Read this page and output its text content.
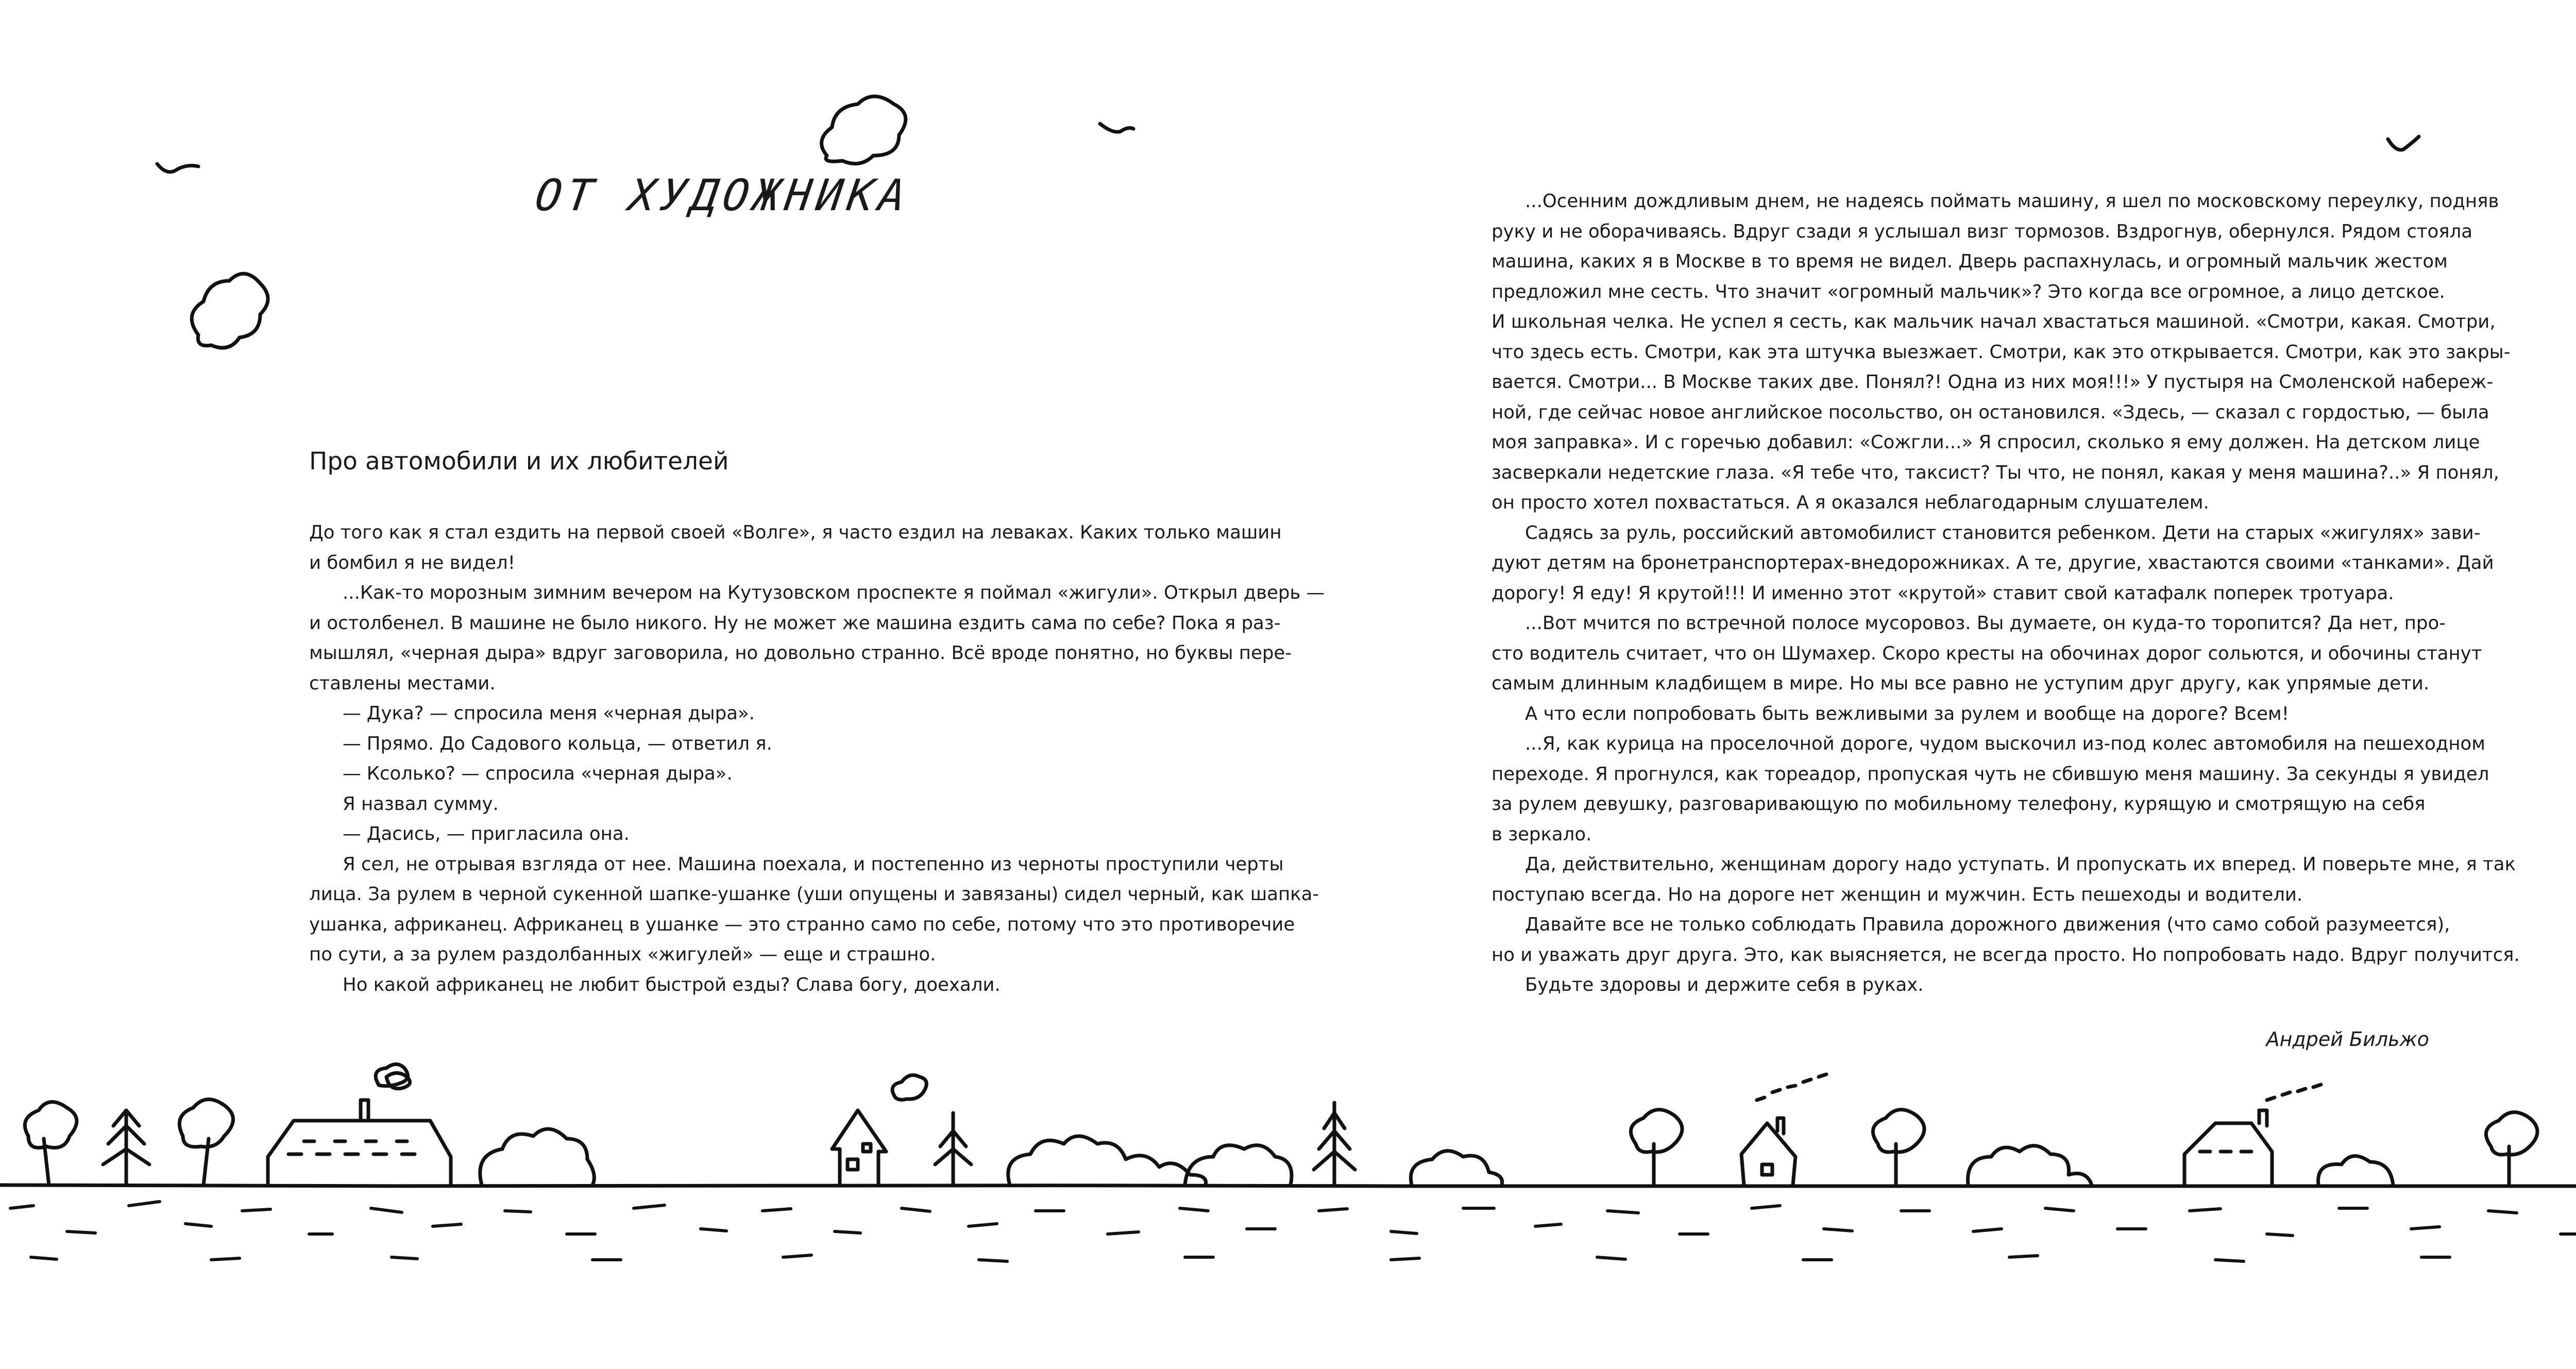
ОТ ХУДОЖНИКА
Про автомобили и их любителей

До того как я стал ездить на первой своей «Волге», я часто ездил на леваках. Каких только машин

и бомбил я не видел!

...Как-то морозным зимним вечером на Кутузовском проспекте я поймал «жигули». Открыл дверь —

и остолбенел. В машине не было никого. Ну не может же машина ездить сама по себе? Пока я раз-

мышлял, «черная дыра» вдруг заговорила, но довольно странно. Всё вроде понятно, но буквы пере-

ставлены местами.

— Дука? — спросила меня «черная дыра».

— Прямо. До Садового кольца, — ответил я.

— Ксолько? — спросила «черная дыра».

Я назвал сумму.

— Дасись, — пригласила она.

Я сел, не отрывая взгляда от нее. Машина поехала, и постепенно из черноты проступили черты

лица. За рулем в черной сукенной шапке-ушанке (уши опущены и завязаны) сидел черный, как шапка-

ушанка, африканец. Африканец в ушанке — это странно само по себе, потому что это противоречие

по сути, а за рулем раздолбанных «жигулей» — еще и страшно.

Но какой африканец не любит быстрой езды? Слава богу, доехали.

...Осенним дождливым днем, не надеясь поймать машину, я шел по московскому переулку, подняв

руку и не оборачиваясь. Вдруг сзади я услышал визг тормозов. Вздрогнув, обернулся. Рядом стояла

машина, каких я в Москве в то время не видел. Дверь распахнулась, и огромный мальчик жестом

предложил мне сесть. Что значит «огромный мальчик»? Это когда все огромное, а лицо детское.

И школьная челка. Не успел я сесть, как мальчик начал хвастаться машиной. «Смотри, какая. Смотри,

что здесь есть. Смотри, как эта штучка выезжает. Смотри, как это открывается. Смотри, как это закры-

вается. Смотри... В Москве таких две. Понял?! Одна из них моя!!!» У пустыря на Смоленской набереж-

ной, где сейчас новое английское посольство, он остановился. «Здесь, — сказал с гордостью, — была

моя заправка». И с горечью добавил: «Сожгли...» Я спросил, сколько я ему должен. На детском лице

засверкали недетские глаза. «Я тебе что, таксист? Ты что, не понял, какая у меня машина?..» Я понял,

он просто хотел похвастаться. А я оказался неблагодарным слушателем.

Садясь за руль, российский автомобилист становится ребенком. Дети на старых «жигулях» зави-

дуют детям на бронетранспортерах-внедорожниках. А те, другие, хвастаются своими «танками». Дай

дорогу! Я еду! Я крутой!!! И именно этот «крутой» ставит свой катафалк поперек тротуара.

...Вот мчится по встречной полосе мусоровоз. Вы думаете, он куда-то торопится? Да нет, про-

сто водитель считает, что он Шумахер. Скоро кресты на обочинах дорог сольются, и обочины станут

самым длинным кладбищем в мире. Но мы все равно не уступим друг другу, как упрямые дети.

А что если попробовать быть вежливыми за рулем и вообще на дороге? Всем!

...Я, как курица на проселочной дороге, чудом выскочил из-под колес автомобиля на пешеходном

переходе. Я прогнулся, как тореадор, пропуская чуть не сбившую меня машину. За секунды я увидел

за рулем девушку, разговаривающую по мобильному телефону, курящую и смотрящую на себя

в зеркало.

Да, действительно, женщинам дорогу надо уступать. И пропускать их вперед. И поверьте мне, я так

поступаю всегда. Но на дороге нет женщин и мужчин. Есть пешеходы и водители.

Давайте все не только соблюдать Правила дорожного движения (что само собой разумеется),

но и уважать друг друга. Это, как выясняется, не всегда просто. Но попробовать надо. Вдруг получится.

Будьте здоровы и держите себя в руках.

Андрей Бильжо
